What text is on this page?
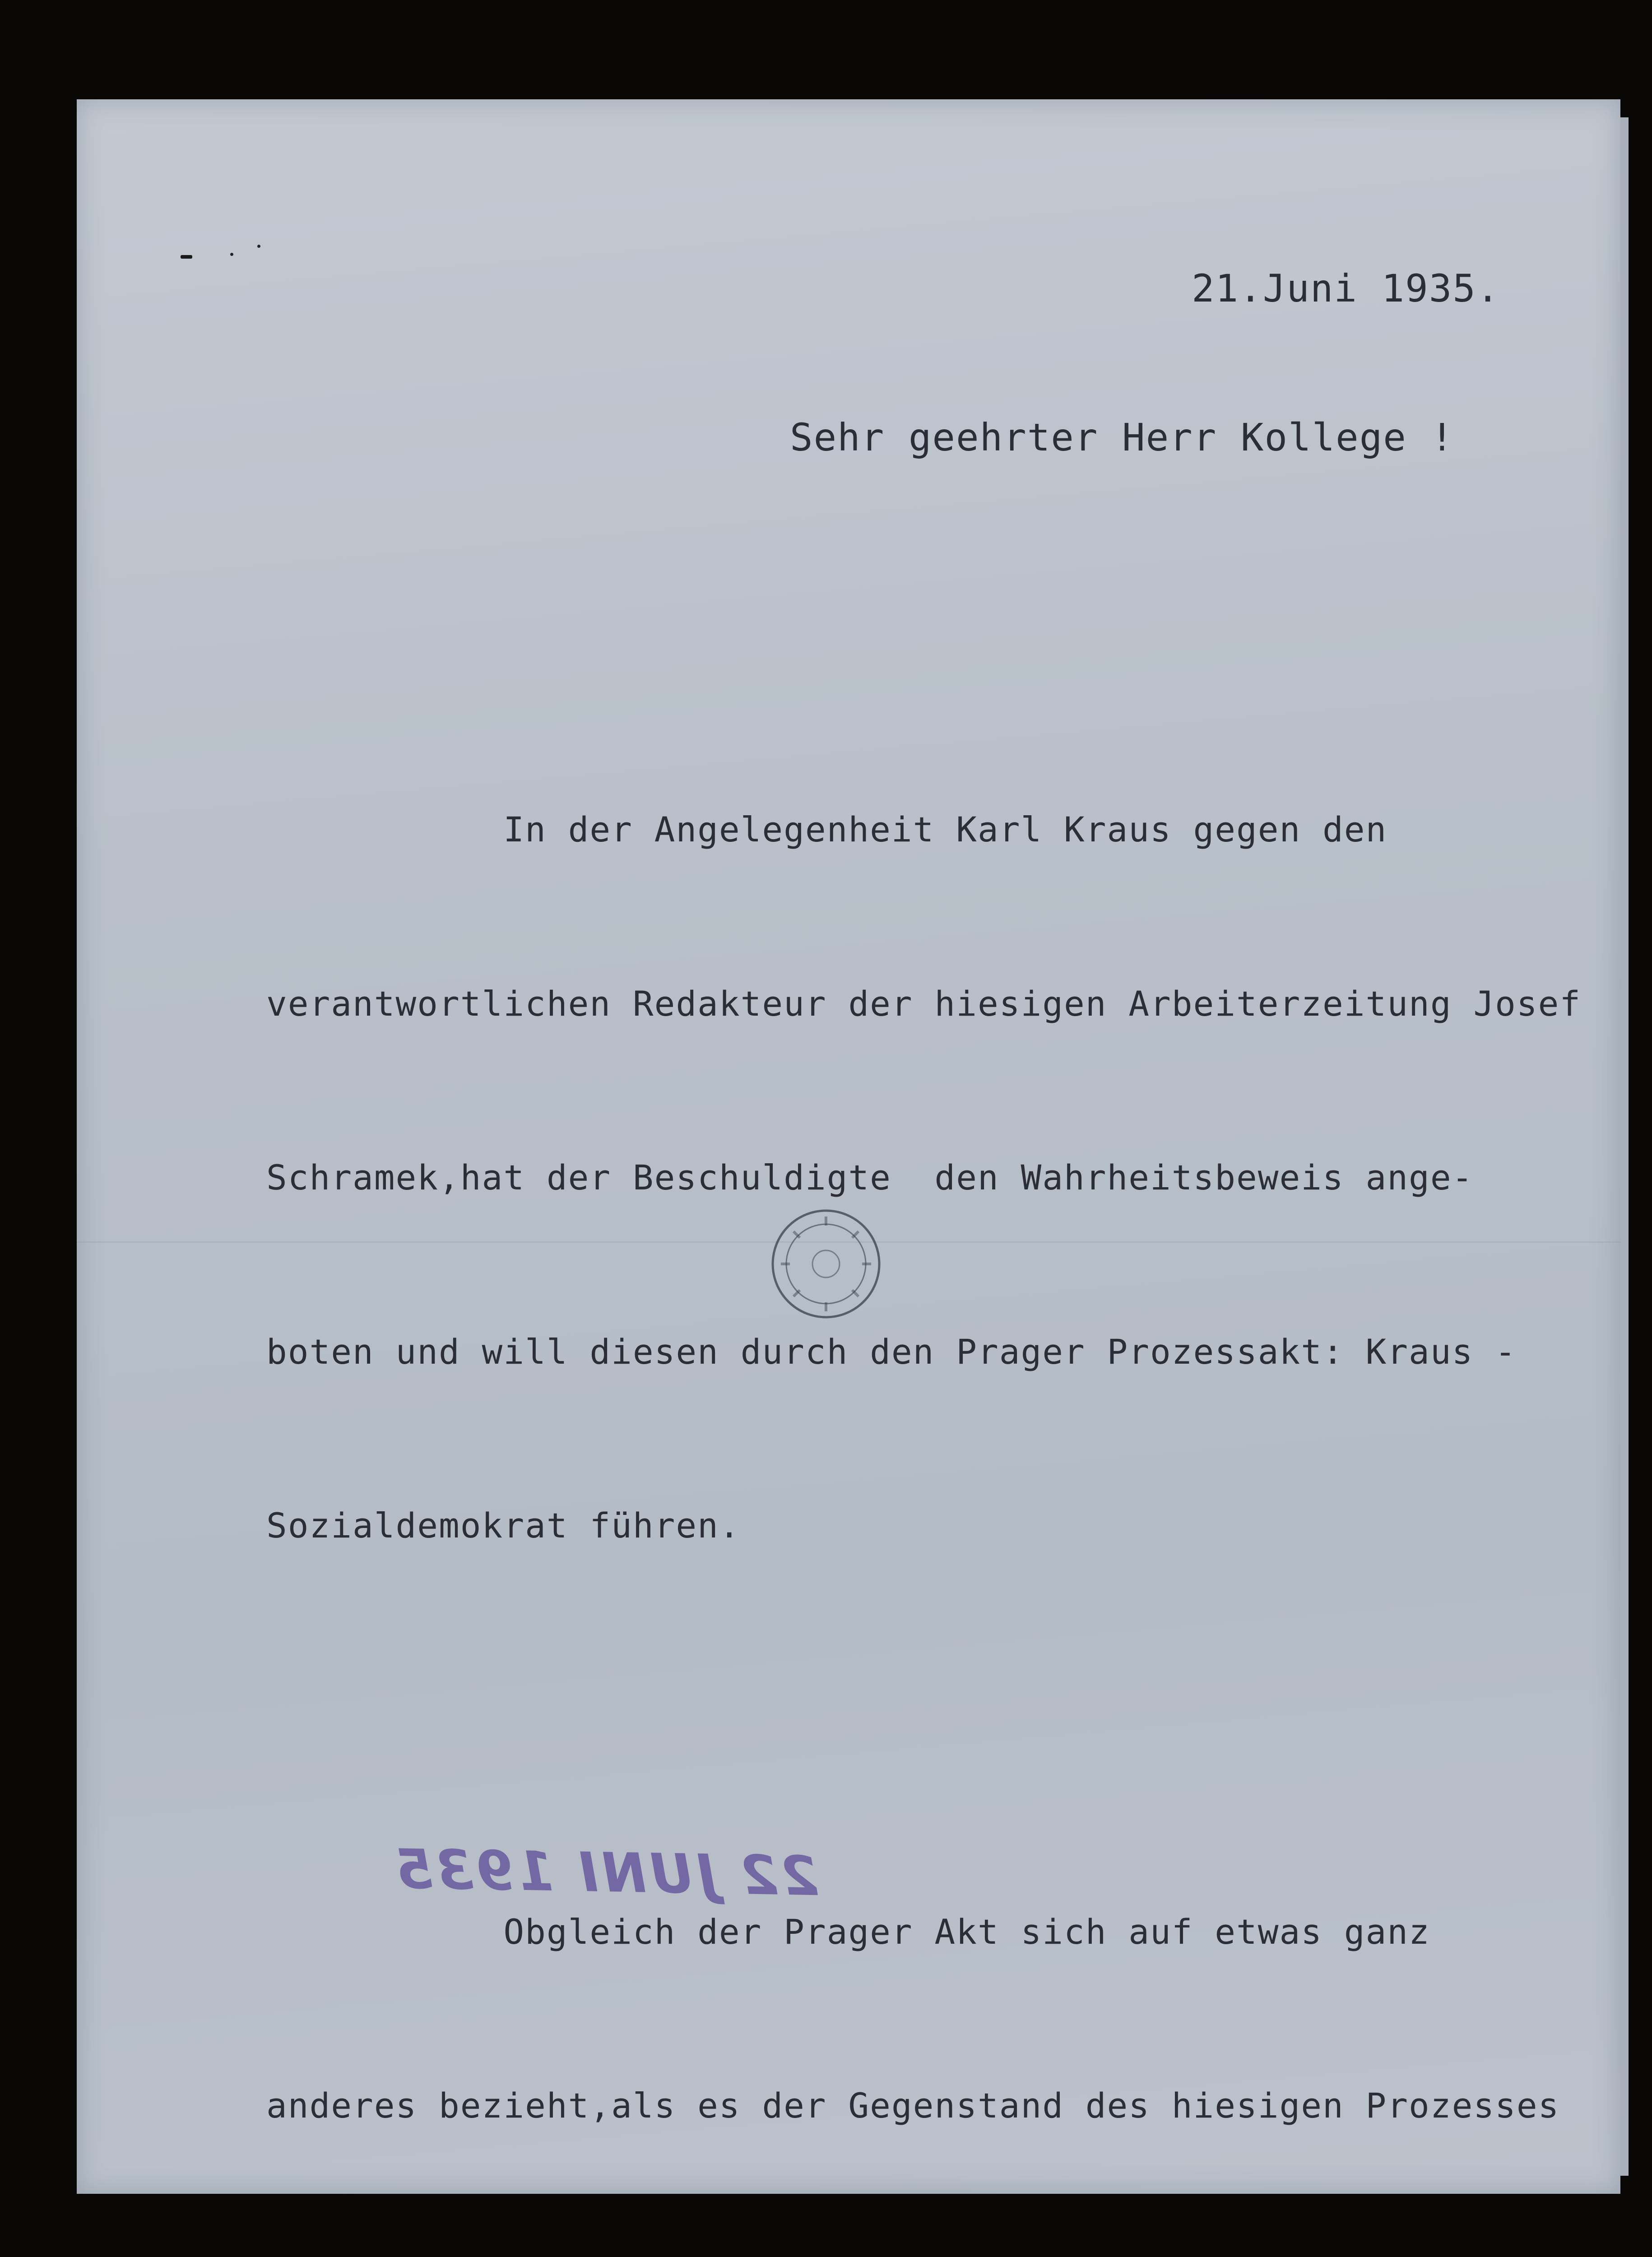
21.Juni 1935.
Sehr geehrter Herr Kollege !

In der Angelegenheit Karl Kraus gegen den

verantwortlichen Redakteur der hiesigen Arbeiterzeitung Josef

Schramek,hat der Beschuldigte  den Wahrheitsbeweis ange-

boten und will diesen durch den Prager Prozessakt: Kraus -

Sozialdemokrat führen.

Obgleich der Prager Akt sich auf etwas ganz

anderes bezieht,als es der Gegenstand des hiesigen Prozesses

22 JUNI 1935
